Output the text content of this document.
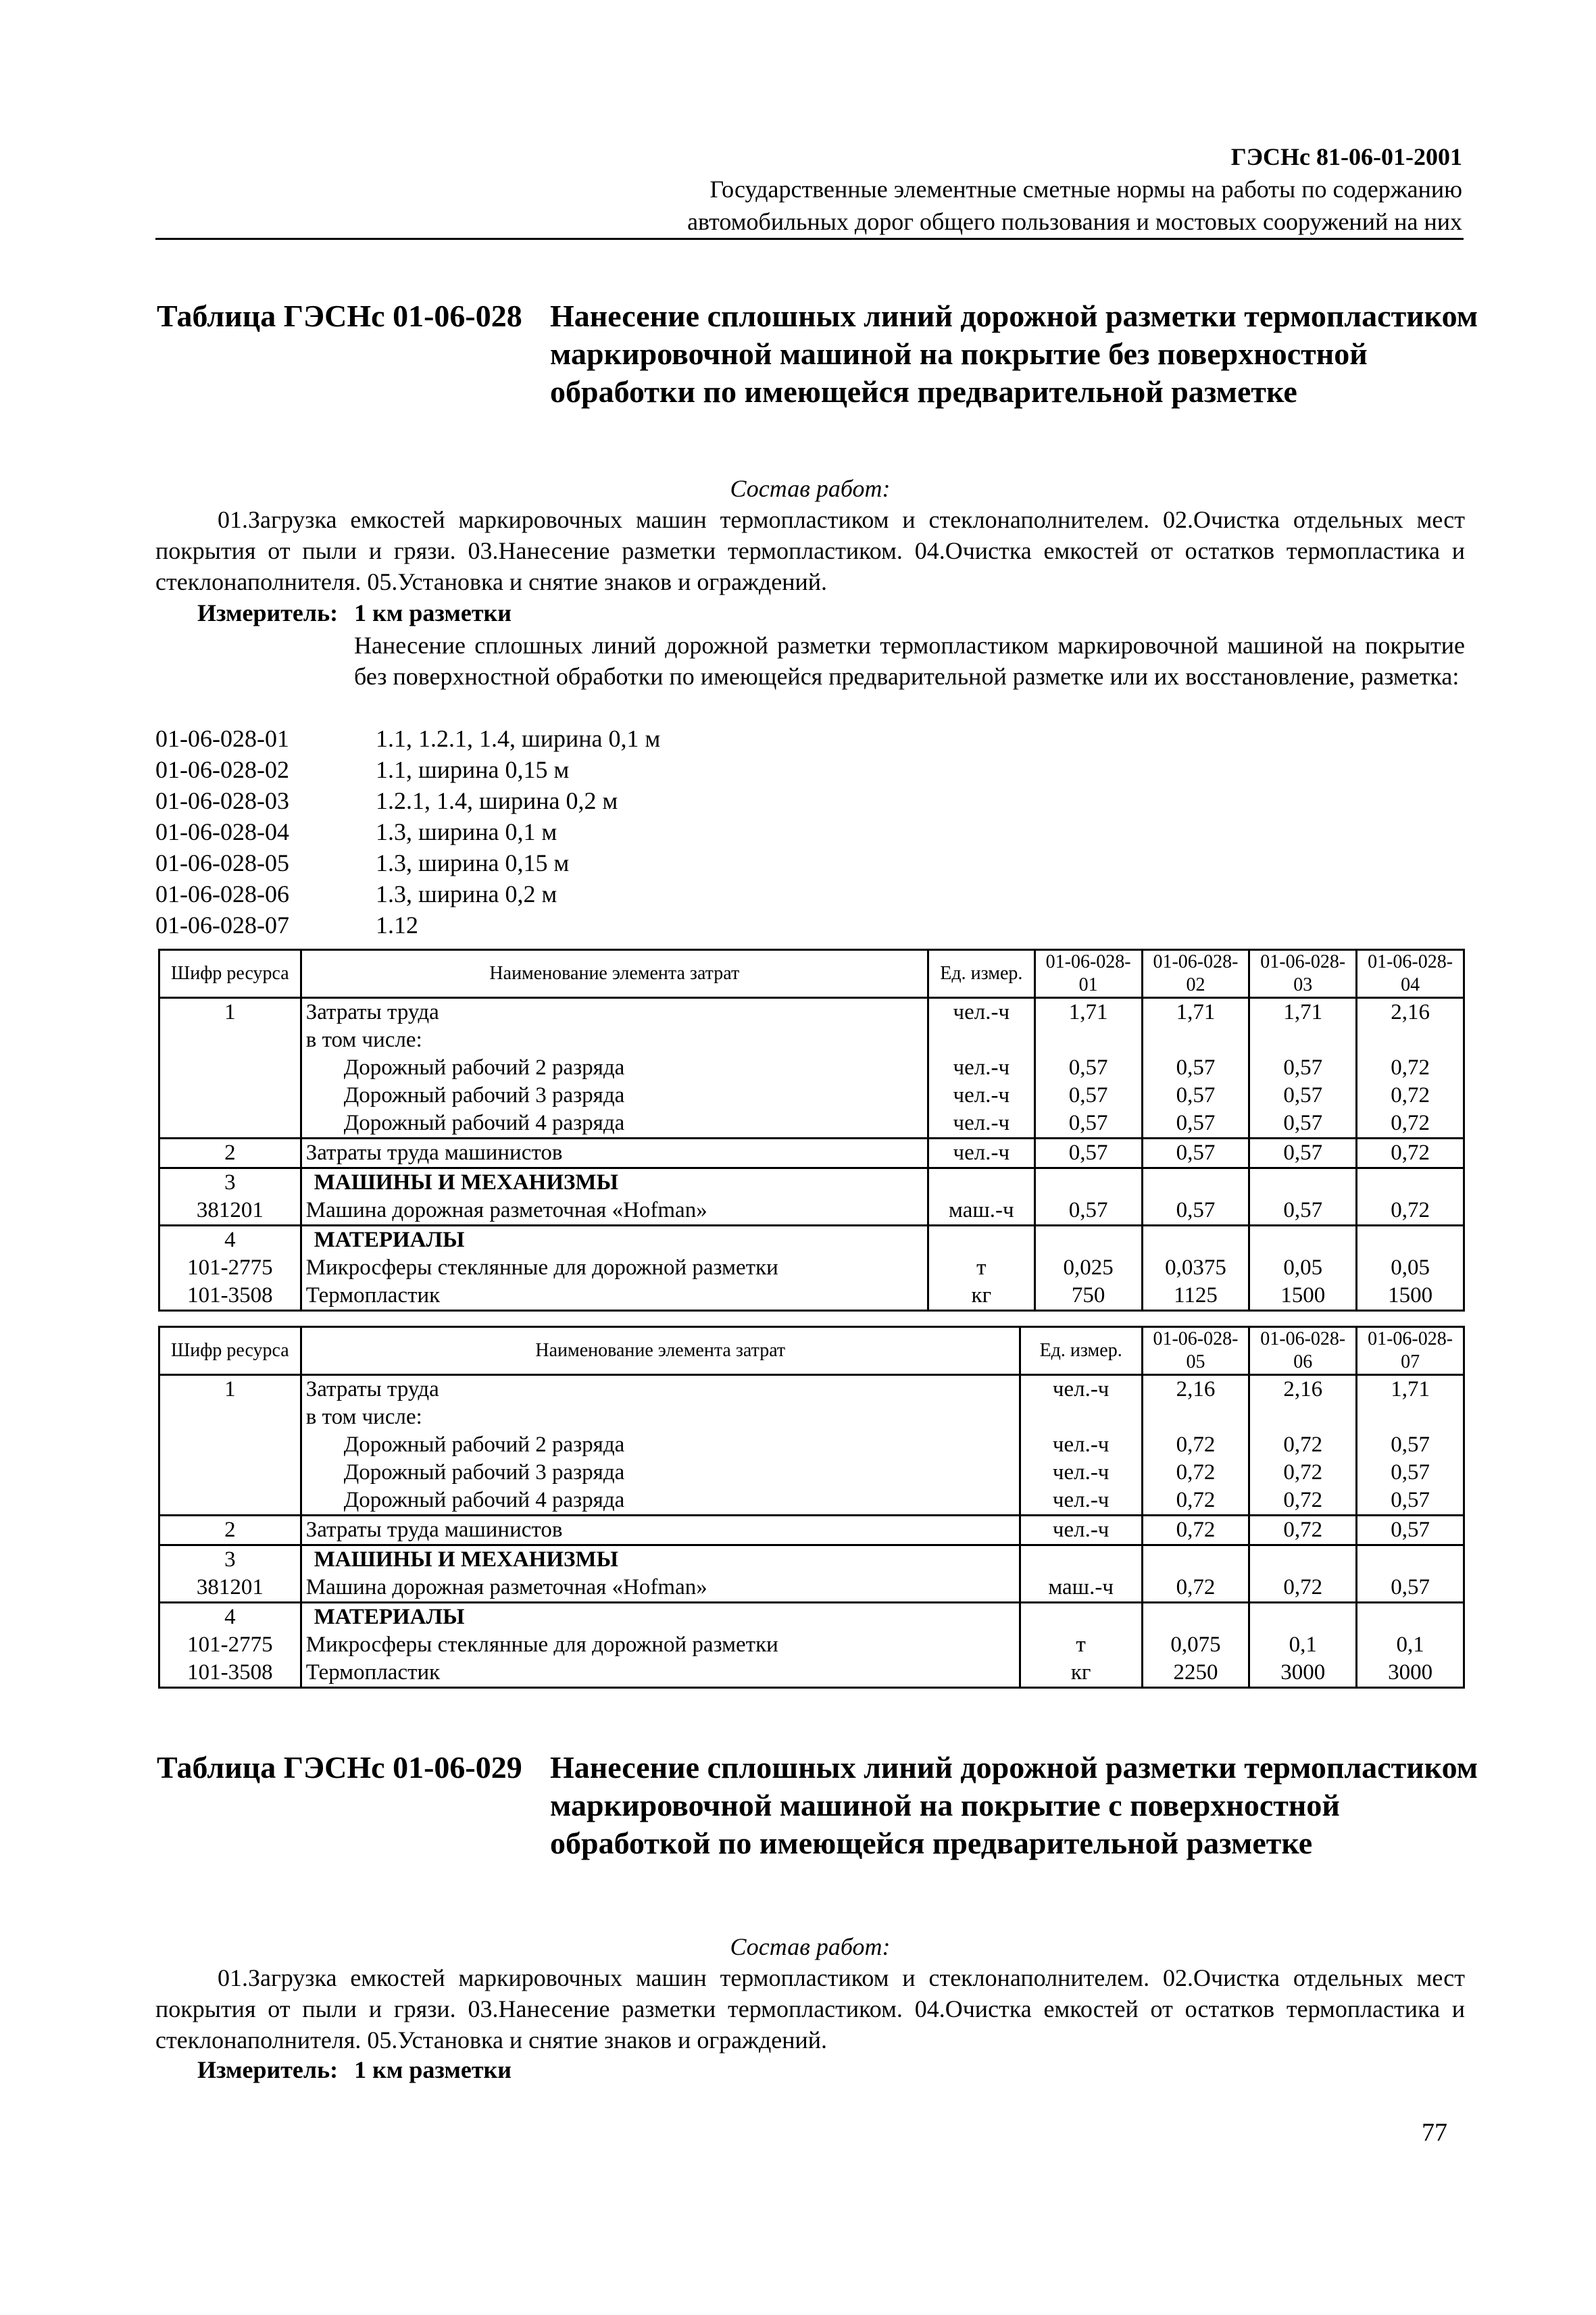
ГЭСНс 81-06-01-2001
Государственные элементные сметные нормы на работы по содержанию
автомобильных дорог общего пользования и мостовых сооружений на них
Таблица ГЭСНс 01-06-028 Нанесение сплошных линий дорожной разметки термопластиком маркировочной машиной на покрытие без поверхностной обработки по имеющейся предварительной разметке
Состав работ:
01.Загрузка емкостей маркировочных машин термопластиком и стеклонаполнителем. 02.Очистка отдельных мест покрытия от пыли и грязи. 03.Нанесение разметки термопластиком. 04.Очистка емкостей от остатков термопластика и стеклонаполнителя. 05.Установка и снятие знаков и ограждений.
Измеритель: 1 км разметки
Нанесение сплошных линий дорожной разметки термопластиком маркировочной машиной на покрытие без поверхностной обработки по имеющейся предварительной разметке или их восстановление, разметка:
01-06-028-01	1.1, 1.2.1, 1.4, ширина 0,1 м
01-06-028-02	1.1, ширина 0,15 м
01-06-028-03	1.2.1, 1.4, ширина 0,2 м
01-06-028-04	1.3, ширина 0,1 м
01-06-028-05	1.3, ширина 0,15 м
01-06-028-06	1.3, ширина 0,2 м
01-06-028-07	1.12
Шифр ресурса	Наименование элемента затрат	Ед. измер.	01-06-028-01	01-06-028-02	01-06-028-03	01-06-028-04
1	Затраты труда	чел.-ч	1,71	1,71	1,71	2,16
	в том числе:					
	Дорожный рабочий 2 разряда	чел.-ч	0,57	0,57	0,57	0,72
	Дорожный рабочий 3 разряда	чел.-ч	0,57	0,57	0,57	0,72
	Дорожный рабочий 4 разряда	чел.-ч	0,57	0,57	0,57	0,72
2	Затраты труда машинистов	чел.-ч	0,57	0,57	0,57	0,72
3	МАШИНЫ И МЕХАНИЗМЫ					
381201	Машина дорожная разметочная «Hofman»	маш.-ч	0,57	0,57	0,57	0,72
4	МАТЕРИАЛЫ					
101-2775	Микросферы стеклянные для дорожной разметки	т	0,025	0,0375	0,05	0,05
101-3508	Термопластик	кг	750	1125	1500	1500
Шифр ресурса	Наименование элемента затрат	Ед. измер.	01-06-028-05	01-06-028-06	01-06-028-07
1	Затраты труда	чел.-ч	2,16	2,16	1,71
	в том числе:				
	Дорожный рабочий 2 разряда	чел.-ч	0,72	0,72	0,57
	Дорожный рабочий 3 разряда	чел.-ч	0,72	0,72	0,57
	Дорожный рабочий 4 разряда	чел.-ч	0,72	0,72	0,57
2	Затраты труда машинистов	чел.-ч	0,72	0,72	0,57
3	МАШИНЫ И МЕХАНИЗМЫ				
381201	Машина дорожная разметочная «Hofman»	маш.-ч	0,72	0,72	0,57
4	МАТЕРИАЛЫ				
101-2775	Микросферы стеклянные для дорожной разметки	т	0,075	0,1	0,1
101-3508	Термопластик	кг	2250	3000	3000
Таблица ГЭСНс 01-06-029 Нанесение сплошных линий дорожной разметки термопластиком маркировочной машиной на покрытие с поверхностной обработкой по имеющейся предварительной разметке
Состав работ:
01.Загрузка емкостей маркировочных машин термопластиком и стеклонаполнителем. 02.Очистка отдельных мест покрытия от пыли и грязи. 03.Нанесение разметки термопластиком. 04.Очистка емкостей от остатков термопластика и стеклонаполнителя. 05.Установка и снятие знаков и ограждений.
Измеритель: 1 км разметки
77
